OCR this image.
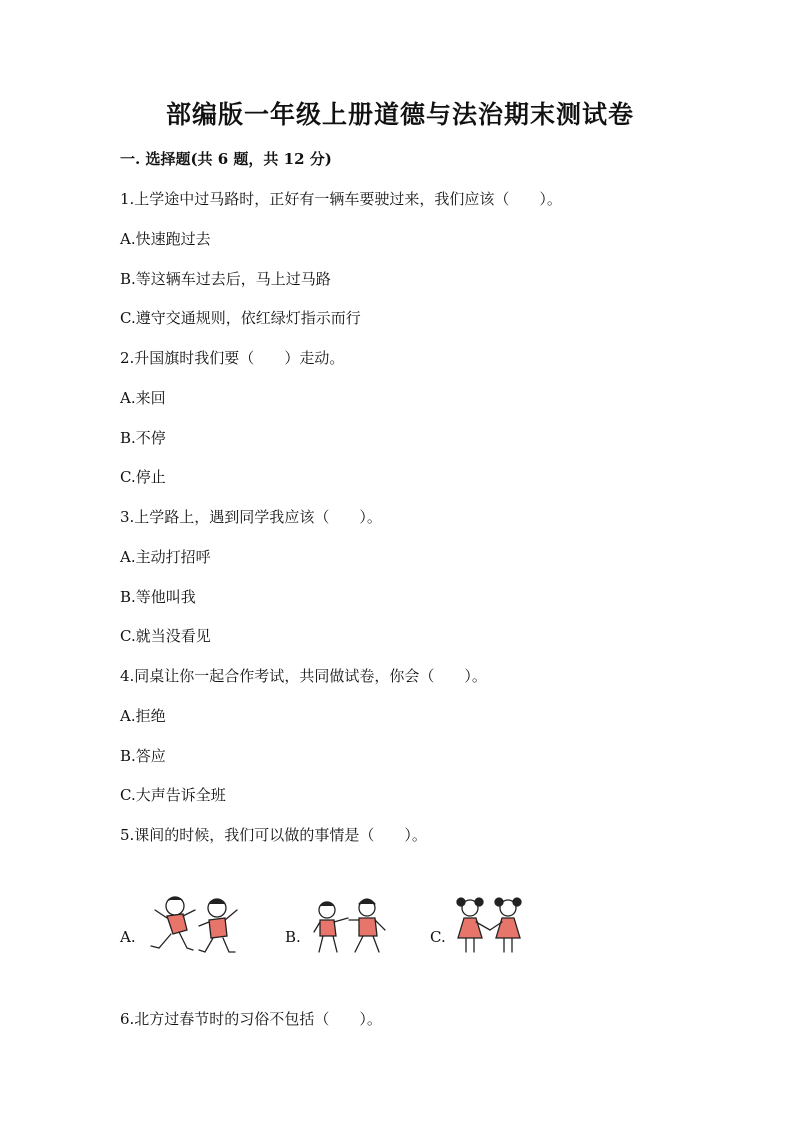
部编版一年级上册道德与法治期末测试卷
一. 选择题(共 6 题，共 12 分)
1.上学途中过马路时，正好有一辆车要驶过来，我们应该（　　）。
A.快速跑过去
B.等这辆车过去后，马上过马路
C.遵守交通规则，依红绿灯指示而行
2.升国旗时我们要（　　）走动。
A.来回
B.不停
C.停止
3.上学路上，遇到同学我应该（　　）。
A.主动打招呼
B.等他叫我
C.就当没看见
4.同桌让你一起合作考试，共同做试卷，你会（　　）。
A.拒绝
B.答应
C.大声告诉全班
5.课间的时候，我们可以做的事情是（　　）。
A.	B.	C.
6.北方过春节时的习俗不包括（　　）。
